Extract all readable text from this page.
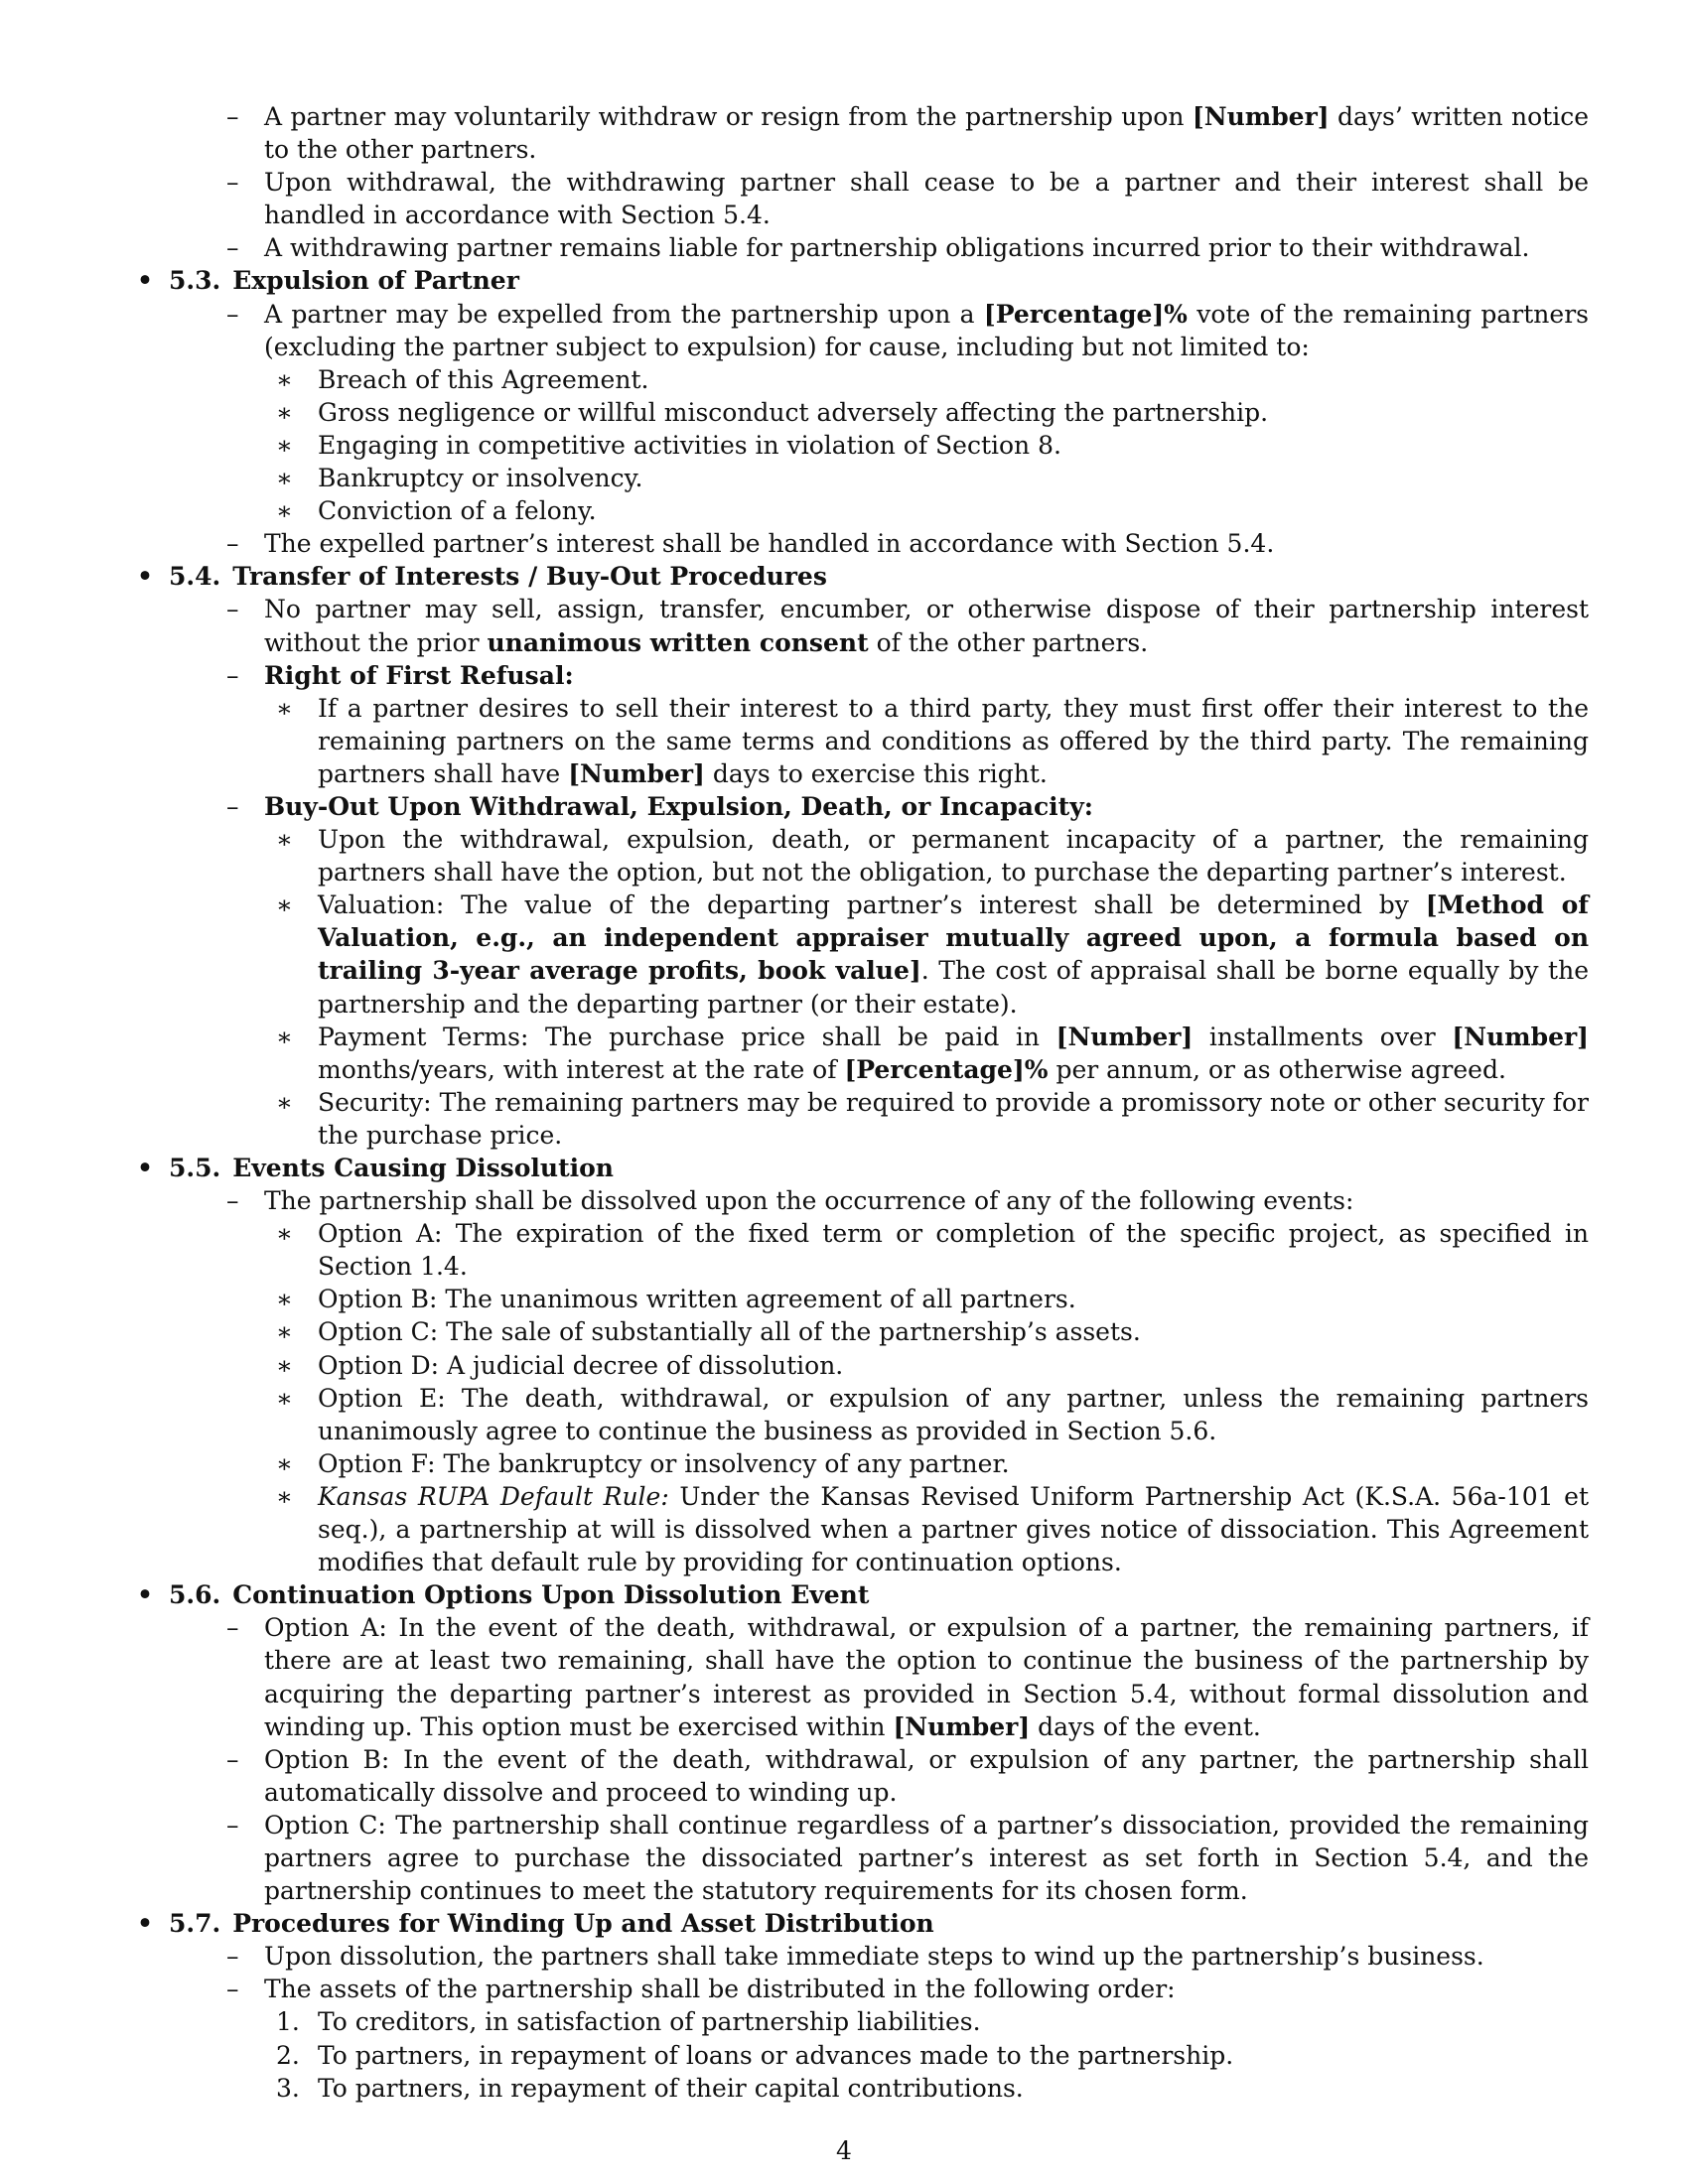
– A partner may voluntarily withdraw or resign from the partnership upon [Number] days’ written notice to the other partners.
– Upon withdrawal, the withdrawing partner shall cease to be a partner and their interest shall be handled in accordance with Section 5.4.
– A withdrawing partner remains liable for partnership obligations incurred prior to their withdrawal.
• 5.3. Expulsion of Partner
– A partner may be expelled from the partnership upon a [Percentage]% vote of the remaining partners (excluding the partner subject to expulsion) for cause, including but not limited to:
∗ Breach of this Agreement.
∗ Gross negligence or willful misconduct adversely affecting the partnership.
∗ Engaging in competitive activities in violation of Section 8.
∗ Bankruptcy or insolvency.
∗ Conviction of a felony.
– The expelled partner’s interest shall be handled in accordance with Section 5.4.
• 5.4. Transfer of Interests / Buy-Out Procedures
– No partner may sell, assign, transfer, encumber, or otherwise dispose of their partnership interest without the prior unanimous written consent of the other partners.
– Right of First Refusal:
∗ If a partner desires to sell their interest to a third party, they must first offer their interest to the remaining partners on the same terms and conditions as offered by the third party. The remaining partners shall have [Number] days to exercise this right.
– Buy-Out Upon Withdrawal, Expulsion, Death, or Incapacity:
∗ Upon the withdrawal, expulsion, death, or permanent incapacity of a partner, the remaining partners shall have the option, but not the obligation, to purchase the departing partner’s interest.
∗ Valuation: The value of the departing partner’s interest shall be determined by [Method of Valuation, e.g., an independent appraiser mutually agreed upon, a formula based on trailing 3-year average profits, book value]. The cost of appraisal shall be borne equally by the partnership and the departing partner (or their estate).
∗ Payment Terms: The purchase price shall be paid in [Number] installments over [Number] months/years, with interest at the rate of [Percentage]% per annum, or as otherwise agreed.
∗ Security: The remaining partners may be required to provide a promissory note or other security for the purchase price.
• 5.5. Events Causing Dissolution
– The partnership shall be dissolved upon the occurrence of any of the following events:
∗ Option A: The expiration of the fixed term or completion of the specific project, as specified in Section 1.4.
∗ Option B: The unanimous written agreement of all partners.
∗ Option C: The sale of substantially all of the partnership’s assets.
∗ Option D: A judicial decree of dissolution.
∗ Option E: The death, withdrawal, or expulsion of any partner, unless the remaining partners unanimously agree to continue the business as provided in Section 5.6.
∗ Option F: The bankruptcy or insolvency of any partner.
∗ Kansas RUPA Default Rule: Under the Kansas Revised Uniform Partnership Act (K.S.A. 56a-101 et seq.), a partnership at will is dissolved when a partner gives notice of dissociation. This Agreement modifies that default rule by providing for continuation options.
• 5.6. Continuation Options Upon Dissolution Event
– Option A: In the event of the death, withdrawal, or expulsion of a partner, the remaining partners, if there are at least two remaining, shall have the option to continue the business of the partnership by acquiring the departing partner’s interest as provided in Section 5.4, without formal dissolution and winding up. This option must be exercised within [Number] days of the event.
– Option B: In the event of the death, withdrawal, or expulsion of any partner, the partnership shall automatically dissolve and proceed to winding up.
– Option C: The partnership shall continue regardless of a partner’s dissociation, provided the remaining partners agree to purchase the dissociated partner’s interest as set forth in Section 5.4, and the partnership continues to meet the statutory requirements for its chosen form.
• 5.7. Procedures for Winding Up and Asset Distribution
– Upon dissolution, the partners shall take immediate steps to wind up the partnership’s business.
– The assets of the partnership shall be distributed in the following order:
1. To creditors, in satisfaction of partnership liabilities.
2. To partners, in repayment of loans or advances made to the partnership.
3. To partners, in repayment of their capital contributions.
4
